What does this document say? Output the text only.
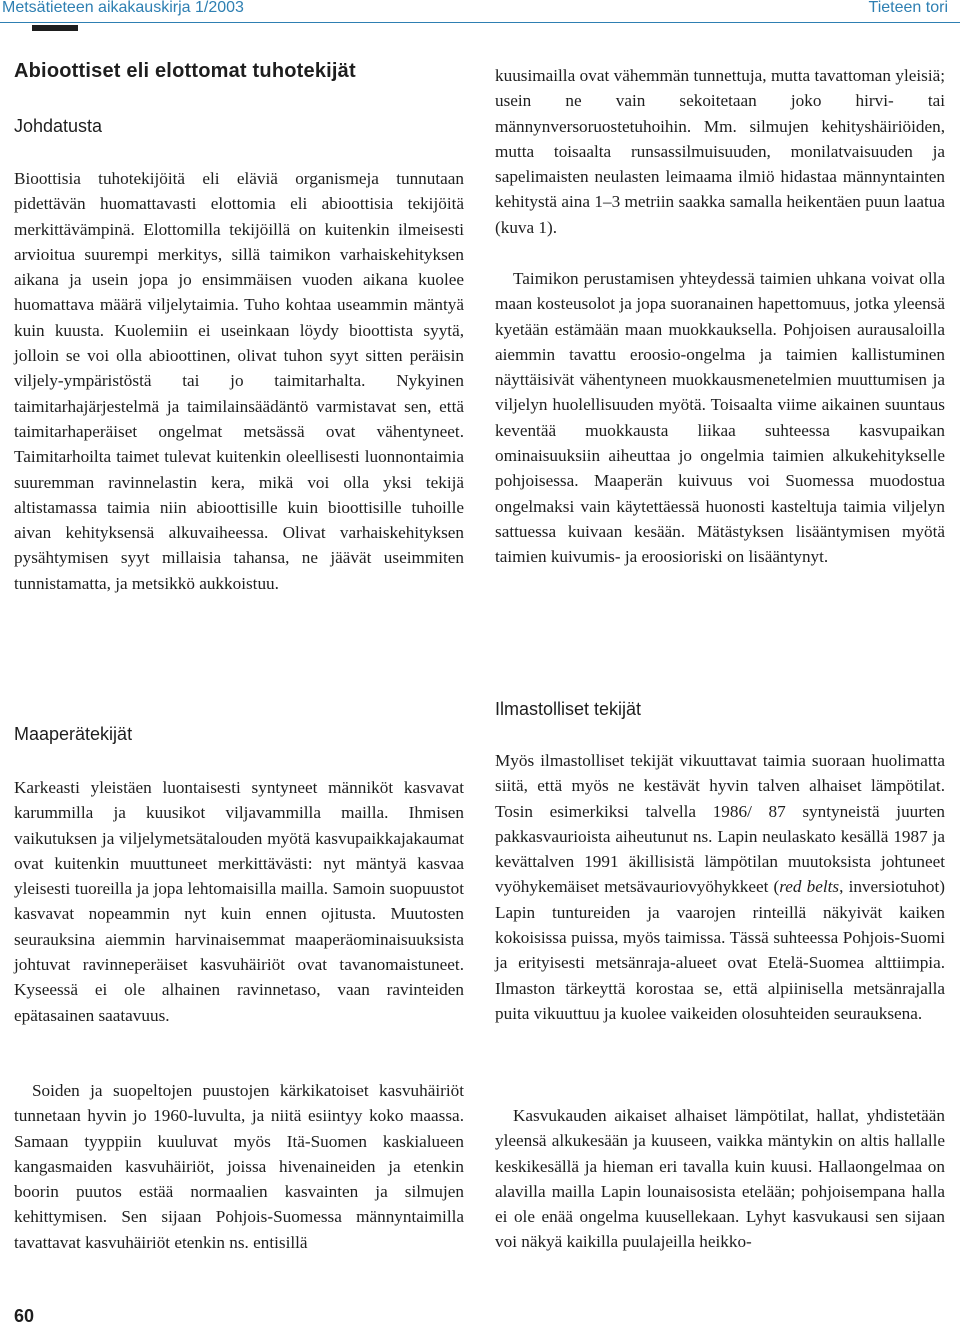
Metsätieteen aikakauskirja 1/2003	Tieteen tori
Abioottiset eli elottomat tuhotekijät
Johdatusta

Bioottisia tuhotekijöitä eli eläviä organismeja tunnutaan pidettävän huomattavasti elottomia eli abioottisia tekijöitä merkittävämpinä. Elottomilla tekijöillä on kuitenkin ilmeisesti arvioitua suurempi merkitys, sillä taimikon varhaiskehityksen aikana ja usein jopa jo ensimmäisen vuoden aikana kuolee huomattava määrä viljelytaimia. Tuho kohtaa useammin mäntyä kuin kuusta. Kuolemiin ei useinkaan löydy bioottista syytä, jolloin se voi olla abioottinen, olivat tuhon syyt sitten peräisin viljely-ympäristöstä tai jo taimitarhalta. Nykyinen taimitarhajärjestelmä ja taimilainsäädäntö varmistavat sen, että taimitarhaperäiset ongelmat metsässä ovat vähentyneet. Taimitarhoilta taimet tulevat kuitenkin oleellisesti luonnontaimia suuremman ravinnelastin kera, mikä voi olla yksi tekijä altistamassa taimia niin abioottisille kuin bioottisille tuhoille aivan kehityksensä alkuvaiheessa. Olivat varhaiskehityksen pysähtymisen syyt millaisia tahansa, ne jäävät useimmiten tunnistamatta, ja metsikkö aukkoistuu.

Maaperätekijät

Karkeasti yleistäen luontaisesti syntyneet männiköt kasvavat karummilla ja kuusikot viljavammilla mailla. Ihmisen vaikutuksen ja viljelymetsätalouden myötä kasvupaikkajakaumat ovat kuitenkin muuttuneet merkittävästi: nyt mäntyä kasvaa yleisesti tuoreilla ja jopa lehtomaisilla mailla. Samoin suopuustot kasvavat nopeammin nyt kuin ennen ojitusta. Muutosten seurauksina aiemmin harvinaisemmat maaperäominaisuuksista johtuvat ravinneperäiset kasvuhäiriöt ovat tavanomaistuneet. Kyseessä ei ole alhainen ravinnetaso, vaan ravinteiden epätasainen saatavuus.

Soiden ja suopeltojen puustojen kärkikatoiset kasvuhäiriöt tunnetaan hyvin jo 1960-luvulta, ja niitä esiintyy koko maassa. Samaan tyyppiin kuuluvat myös Itä-Suomen kaskialueen kangasmaiden kasvuhäiriöt, joissa hivenaineiden ja etenkin boorin puutos estää normaalien kasvainten ja silmujen kehittymisen. Sen sijaan Pohjois-Suomessa männyntaimilla tavattavat kasvuhäiriöt etenkin ns. entisillä

kuusimailla ovat vähemmän tunnettuja, mutta tavattoman yleisiä; usein ne vain sekoitetaan joko hirvi- tai männynversoruostetuhoihin. Mm. silmujen kehityshäiriöiden, mutta toisaalta runsassilmuisuuden, monilatvaisuuden ja sapelimaisten neulasten leimaama ilmiö hidastaa männyntainten kehitystä aina 1–3 metriin saakka samalla heikentäen puun laatua (kuva 1).

Taimikon perustamisen yhteydessä taimien uhkana voivat olla maan kosteusolot ja jopa suoranainen hapettomuus, jotka yleensä kyetään estämään maan muokkauksella. Pohjoisen aurausaloilla aiemmin tavattu eroosio-ongelma ja taimien kallistuminen näyttäisivät vähentyneen muokkausmenetelmien muuttumisen ja viljelyn huolellisuuden myötä. Toisaalta viime aikainen suuntaus keventää muokkausta liikaa suhteessa kasvupaikan ominaisuuksiin aiheuttaa jo ongelmia taimien alkukehitykselle pohjoisessa. Maaperän kuivuus voi Suomessa muodostua ongelmaksi vain käytettäessä huonosti kasteltuja taimia viljelyn sattuessa kuivaan kesään. Mätästyksen lisääntymisen myötä taimien kuivumis- ja eroosioriski on lisääntynyt.

Ilmastolliset tekijät

Myös ilmastolliset tekijät vikuuttavat taimia suoraan huolimatta siitä, että myös ne kestävät hyvin talven alhaiset lämpötilat. Tosin esimerkiksi talvella 1986/ 87 syntyneistä juurten pakkasvaurioista aiheutunut ns. Lapin neulaskato kesällä 1987 ja kevättalven 1991 äkillisistä lämpötilan muutoksista johtuneet vyöhykemäiset metsävauriovyöhykkeet (red belts, inversiotuhot) Lapin tuntureiden ja vaarojen rinteillä näkyivät kaiken kokoisissa puissa, myös taimissa. Tässä suhteessa Pohjois-Suomi ja erityisesti metsänraja-alueet ovat Etelä-Suomea alttiimpia. Ilmaston tärkeyttä korostaa se, että alpiinisella metsänrajalla puita vikuuttuu ja kuolee vaikeiden olosuhteiden seurauksena.

Kasvukauden aikaiset alhaiset lämpötilat, hallat, yhdistetään yleensä alkukesään ja kuuseen, vaikka mäntykin on altis hallalle keskikesällä ja hieman eri tavalla kuin kuusi. Hallaongelmaa on alavilla mailla Lapin lounaisosista etelään; pohjoisempana halla ei ole enää ongelma kuusellekaan. Lyhyt kasvukausi sen sijaan voi näkyä kaikilla puulajeilla heikko-

60
